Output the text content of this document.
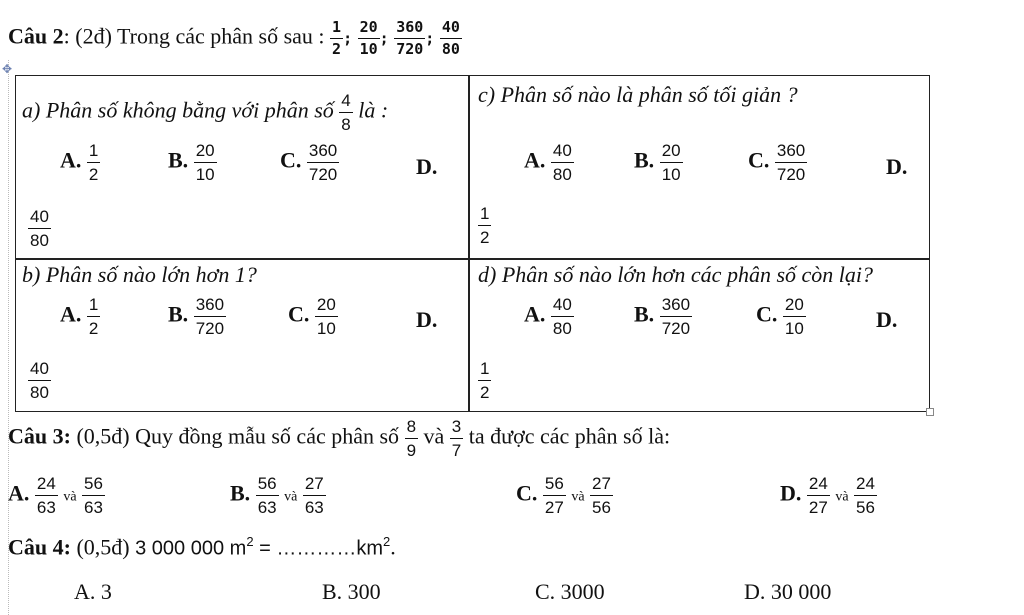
✥
Câu 2: (2đ) Trong các phân số sau : $\frac{1}{2}$ ; $\frac{20}{10}$ ; $\frac{360}{720}$ ; $\frac{40}{80}$
a) Phân số không bằng với phân số $\frac{4}{8}$ là :
A. $\frac{1}{2}$	B. $\frac{20}{10}$	C. $\frac{360}{720}$	D.
$\frac{40}{80}$
b) Phân số nào lớn hơn 1?
A. $\frac{1}{2}$	B. $\frac{360}{720}$	C. $\frac{20}{10}$	D.
$\frac{40}{80}$
c) Phân số nào là phân số tối giản ?
A. $\frac{40}{80}$	B. $\frac{20}{10}$	C. $\frac{360}{720}$	D.
$\frac{1}{2}$
d) Phân số nào lớn hơn các phân số còn lại?
A. $\frac{40}{80}$	B. $\frac{360}{720}$	C. $\frac{20}{10}$	D.
$\frac{1}{2}$
Câu 3: (0,5đ) Quy đồng mẫu số các phân số $\frac{8}{9}$ và $\frac{3}{7}$ ta được các phân số là:
A. $\frac{24}{63}$ và $\frac{56}{63}$	B. $\frac{56}{63}$ và $\frac{27}{63}$	C. $\frac{56}{27}$ và $\frac{27}{56}$	D. $\frac{24}{27}$ và $\frac{24}{56}$
Câu 4: (0,5đ) 3 000 000 $m^2$ = $\dots\dots\dots\dots km^2$.
A. 3	B. 300	C. 3000	D. 30 000
